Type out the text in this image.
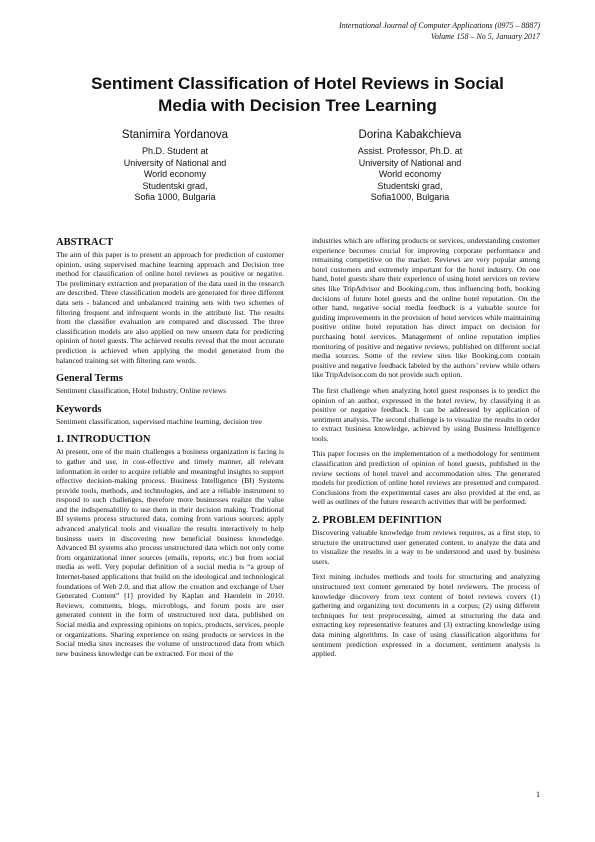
International Journal of Computer Applications (0975 – 8887)
Volume 158 – No 5, January 2017
Sentiment Classification of Hotel Reviews in Social
Media with Decision Tree Learning
Stanimira Yordanova
Ph.D. Student at
University of National and
World economy
Studentski grad,
Sofia 1000, Bulgaria
Dorina Kabakchieva
Assist. Professor, Ph.D. at
University of National and
World economy
Studentski grad,
Sofia1000, Bulgaria
ABSTRACT

The aim of this paper is to present an approach for prediction of customer opinion, using supervised machine learning approach and Decision tree method for classification of online hotel reviews as positive or negative. The preliminary extraction and preparation of the data used in the research are described. Three classification models are generated for three different data sets - balanced and unbalanced training sets with two schemes of filtering frequent and infrequent words in the attribute list. The results from the classifier evaluation are compared and discussed. The three classification models are also applied on new unseen data for predicting opinion of hotel guests. The achieved results reveal that the most accurate prediction is achieved when applying the model generated from the balanced training set with filtering rare words.

General Terms

Sentiment classification, Hotel Industry, Online reviews

Keywords

Sentiment classification, supervised machine learning, decision tree

1. INTRODUCTION

At present, one of the main challenges a business organization is facing is to gather and use, in cost-effective and timely manner, all relevant information in order to acquire reliable and meaningful insights to support effective decision-making process. Business Intelligence (BI) Systems provide tools, methods, and technologies, and are a reliable instrument to respond to such challenges, therefore more businesses realize the value and the indispensability to use them in their decision making. Traditional BI systems process structured data, coming from various sources; apply advanced analytical tools and visualize the results interactively to help business users in discovering new beneficial business knowledge. Advanced BI systems also process unstructured data which not only come from organizational inner sources (emails, reports, etc.) but from social media as well. Very popular definition of a social media is “a group of Internet-based applications that build on the ideological and technological foundations of Web 2.0, and that allow the creation and exchange of User Generated Content” [1] provided by Kaplan and Haenlein in 2010. Reviews, comments, blogs, microblogs, and forum posts are user generated content in the form of unstructured text data, published on Social media and expressing opinions on topics, products, services, people or organizations. Sharing experience on using products or services in the Social media sites increases the volume of unstructured data from which new business knowledge can be extracted. For most of the

industries which are offering products or services, understanding customer experience becomes crucial for improving corporate performance and remaining competitive on the market. Reviews are very popular among hotel customers and extremely important for the hotel industry. On one hand, hotel guests share their experience of using hotel services on review sites like TripAdvisor and Booking.com, thus influencing both, booking decisions of future hotel guests and the online hotel reputation. On the other hand, negative social media feedback is a valuable source for guiding improvements in the provision of hotel services while maintaining positive online hotel reputation has direct impact on decision for purchasing hotel services. Management of online reputation implies monitoring of positive and negative reviews, published on different social media sources. Some of the review sites like Booking.com contain positive and negative feedback labeled by the authors’ review while others like TripAdvisor.com do not provide such option.

The first challenge when analyzing hotel guest responses is to predict the opinion of an author, expressed in the hotel review, by classifying it as positive or negative feedback. It can be addressed by application of sentiment analysis. The second challenge is to visualize the results in order to extract business knowledge, achieved by using Business Intelligence tools.

This paper focuses on the implementation of a methodology for sentiment classification and prediction of opinion of hotel guests, published in the review sections of hotel travel and accommodation sites. The generated models for prediction of online hotel reviews are presented and compared. Conclusions from the experimental cases are also provided at the end, as well as outlines of the future research activities that will be performed.

2. PROBLEM DEFINITION

Discovering valuable knowledge from reviews requires, as a first step, to structure the unstructured user generated content, to analyze the data and to visualize the results in a way to be understood and used by business users.

Text mining includes methods and tools for structuring and analyzing unstructured text content generated by hotel reviewers. The process of knowledge discovery from text content of hotel reviews covers (1) gathering and organizing text documents in a corpus; (2) using different techniques for text preprocessing, aimed at structuring the data and extracting key representative features and (3) extracting knowledge using data mining algorithms. In case of using classification algorithms for sentiment prediction expressed in a document, sentiment analysis is applied.

1
